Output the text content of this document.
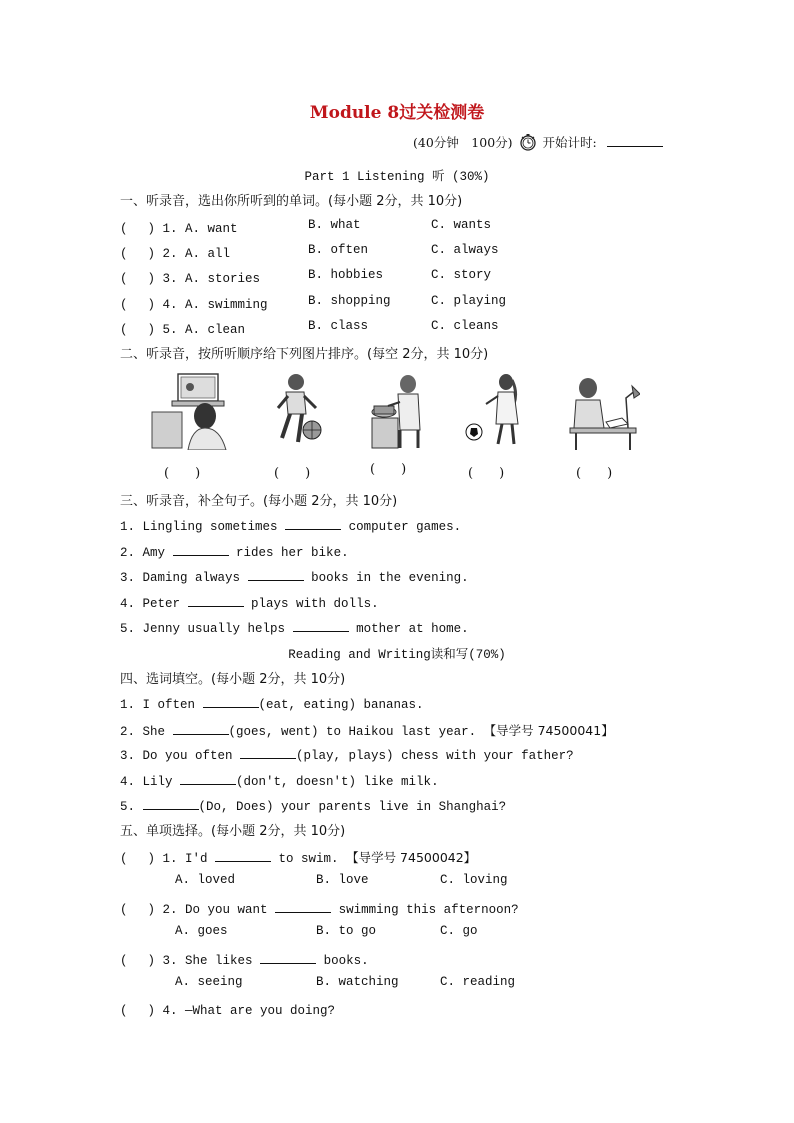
Module 8过关检测卷
(40分钟　100分) 开始计时:
Part 1 Listening 听 (30%)
一、听录音，选出你所听到的单词。(每小题 2分，共 10分)
(　 ) 1. A. want	B. what	C. wants
(　 ) 2. A. all	B. often	C. always
(　 ) 3. A. stories	B. hobbies	C. story
(　 ) 4. A. swimming	B. shopping	C. playing
(　 ) 5. A. clean	B. class	C. cleans
二、听录音，按所听顺序给下列图片排序。(每空 2分，共 10分)
(　　)	(　　)	(　　)	(　　)	(　　)
三、听录音，补全句子。(每小题 2分，共 10分)
1. Lingling sometimes	computer games.
2. Amy	rides her bike.
3. Daming always	books in the evening.
4. Peter	plays with dolls.
5. Jenny usually helps	mother at home.
Reading and Writing读和写(70%)
四、选词填空。(每小题 2分，共 10分)
1. I often	(eat, eating) bananas.
2. She	(goes, went) to Haikou last year. 【导学号 74500041】
3. Do you often	(play, plays) chess with your father?
4. Lily	(don't, doesn't) like milk.
5.	(Do, Does) your parents live in Shanghai?
五、单项选择。(每小题 2分，共 10分)
(　 ) 1. I'd	to swim. 【导学号 74500042】
A. loved	B. love	C. loving
(　 ) 2. Do you want	swimming this afternoon?
A. goes	B. to go	C. go
(　 ) 3. She likes	books.
A. seeing	B. watching	C. reading
(　 ) 4. —What are you doing?
